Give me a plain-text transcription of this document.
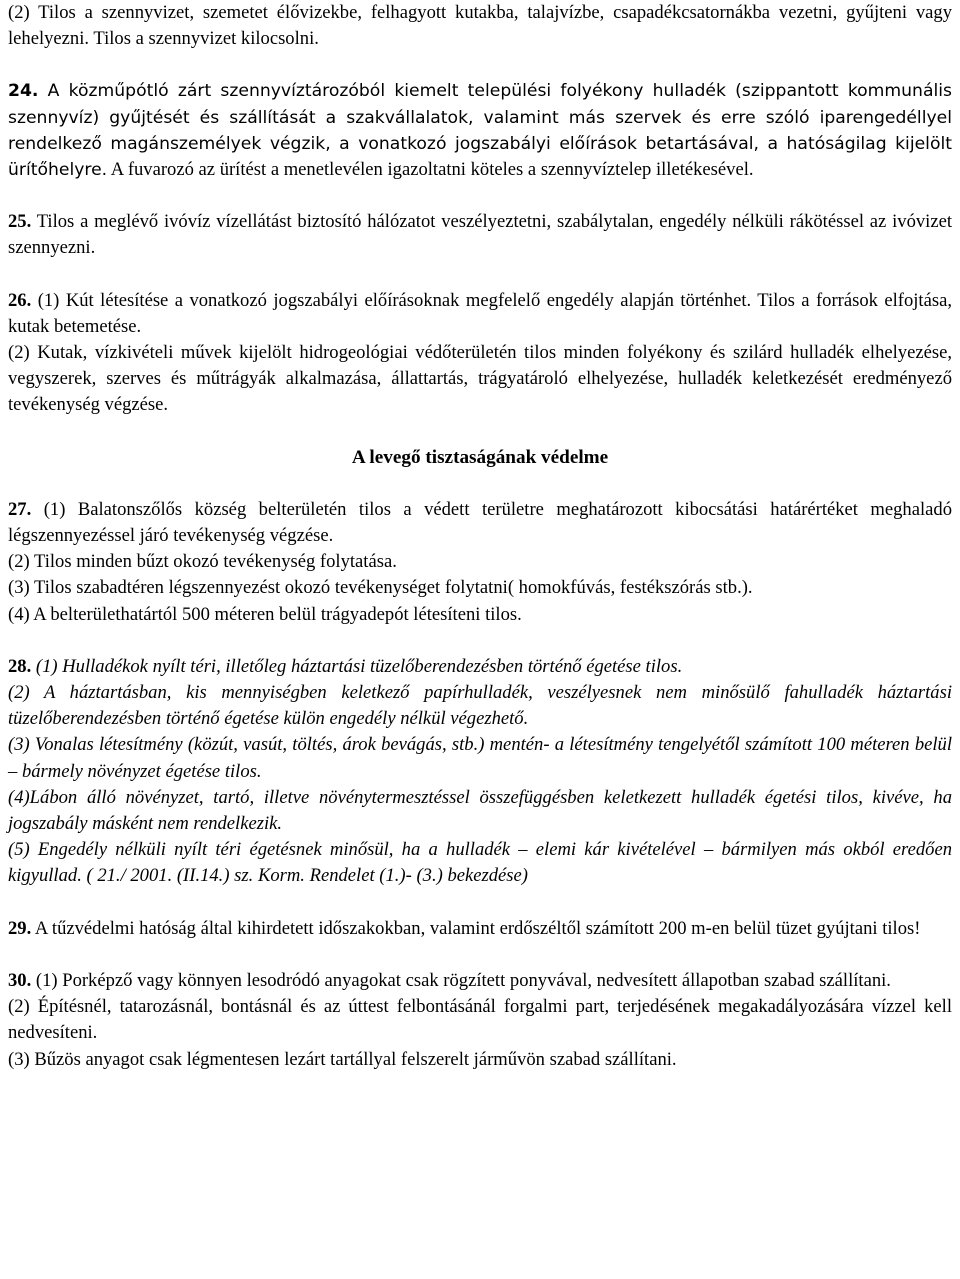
(2) Tilos a szennyvizet, szemetet élővizekbe, felhagyott kutakba, talajvízbe, csapadékcsatornákba vezetni, gyűjteni vagy lehelyezni. Tilos a szennyvizet kilocsolni.

24. A közműpótló zárt szennyvíztározóból kiemelt települési folyékony hulladék (szippantott kommunális szennyvíz) gyűjtését és szállítását a szakvállalatok, valamint más szervek és erre szóló iparengedéllyel rendelkező magánszemélyek végzik, a vonatkozó jogszabályi előírások betartásával, a hatóságilag kijelölt ürítőhelyre. A fuvarozó az ürítést a menetlevélen igazoltatni köteles a szennyvíztelep illetékesével.

25. Tilos a meglévő ivóvíz vízellátást biztosító hálózatot veszélyeztetni, szabálytalan, engedély nélküli rákötéssel az ivóvizet szennyezni.

26. (1) Kút létesítése a vonatkozó jogszabályi előírásoknak megfelelő engedély alapján történhet. Tilos a források elfojtása, kutak betemetése.

(2) Kutak, vízkivételi művek kijelölt hidrogeológiai védőterületén tilos minden folyékony és szilárd hulladék elhelyezése, vegyszerek, szerves és műtrágyák alkalmazása, állattartás, trágyatároló elhelyezése, hulladék keletkezését eredményező tevékenység végzése.

A levegő tisztaságának védelme

27. (1) Balatonszőlős község belterületén tilos a védett területre meghatározott kibocsátási határértéket meghaladó légszennyezéssel járó tevékenység végzése.

(2) Tilos minden bűzt okozó tevékenység folytatása.

(3) Tilos szabadtéren légszennyezést okozó tevékenységet folytatni( homokfúvás, festékszórás stb.).

(4) A belterülethatártól 500 méteren belül trágyadepót létesíteni tilos.

28. (1) Hulladékok nyílt téri, illetőleg háztartási tüzelőberendezésben történő égetése tilos.

(2) A háztartásban, kis mennyiségben keletkező papírhulladék, veszélyesnek nem minősülő fahulladék háztartási tüzelőberendezésben történő égetése külön engedély nélkül végezhető.

(3) Vonalas létesítmény (közút, vasút, töltés, árok bevágás, stb.) mentén- a létesítmény tengelyétől számított 100 méteren belül – bármely növényzet égetése tilos.

(4)Lábon álló növényzet, tartó, illetve növénytermesztéssel összefüggésben keletkezett hulladék égetési tilos, kivéve, ha jogszabály másként nem rendelkezik.

(5) Engedély nélküli nyílt téri égetésnek minősül, ha a hulladék – elemi kár kivételével – bármilyen más okból eredően kigyullad. ( 21./ 2001. (II.14.) sz. Korm. Rendelet (1.)- (3.) bekezdése)

29. A tűzvédelmi hatóság által kihirdetett időszakokban, valamint erdőszéltől számított 200 m-en belül tüzet gyújtani tilos!

30. (1) Porképző vagy könnyen lesodródó anyagokat csak rögzített ponyvával, nedvesített állapotban szabad szállítani.

(2) Építésnél, tatarozásnál, bontásnál és az úttest felbontásánál forgalmi part, terjedésének megakadályozására vízzel kell nedvesíteni.

(3) Bűzös anyagot csak légmentesen lezárt tartállyal felszerelt járművön szabad szállítani.
